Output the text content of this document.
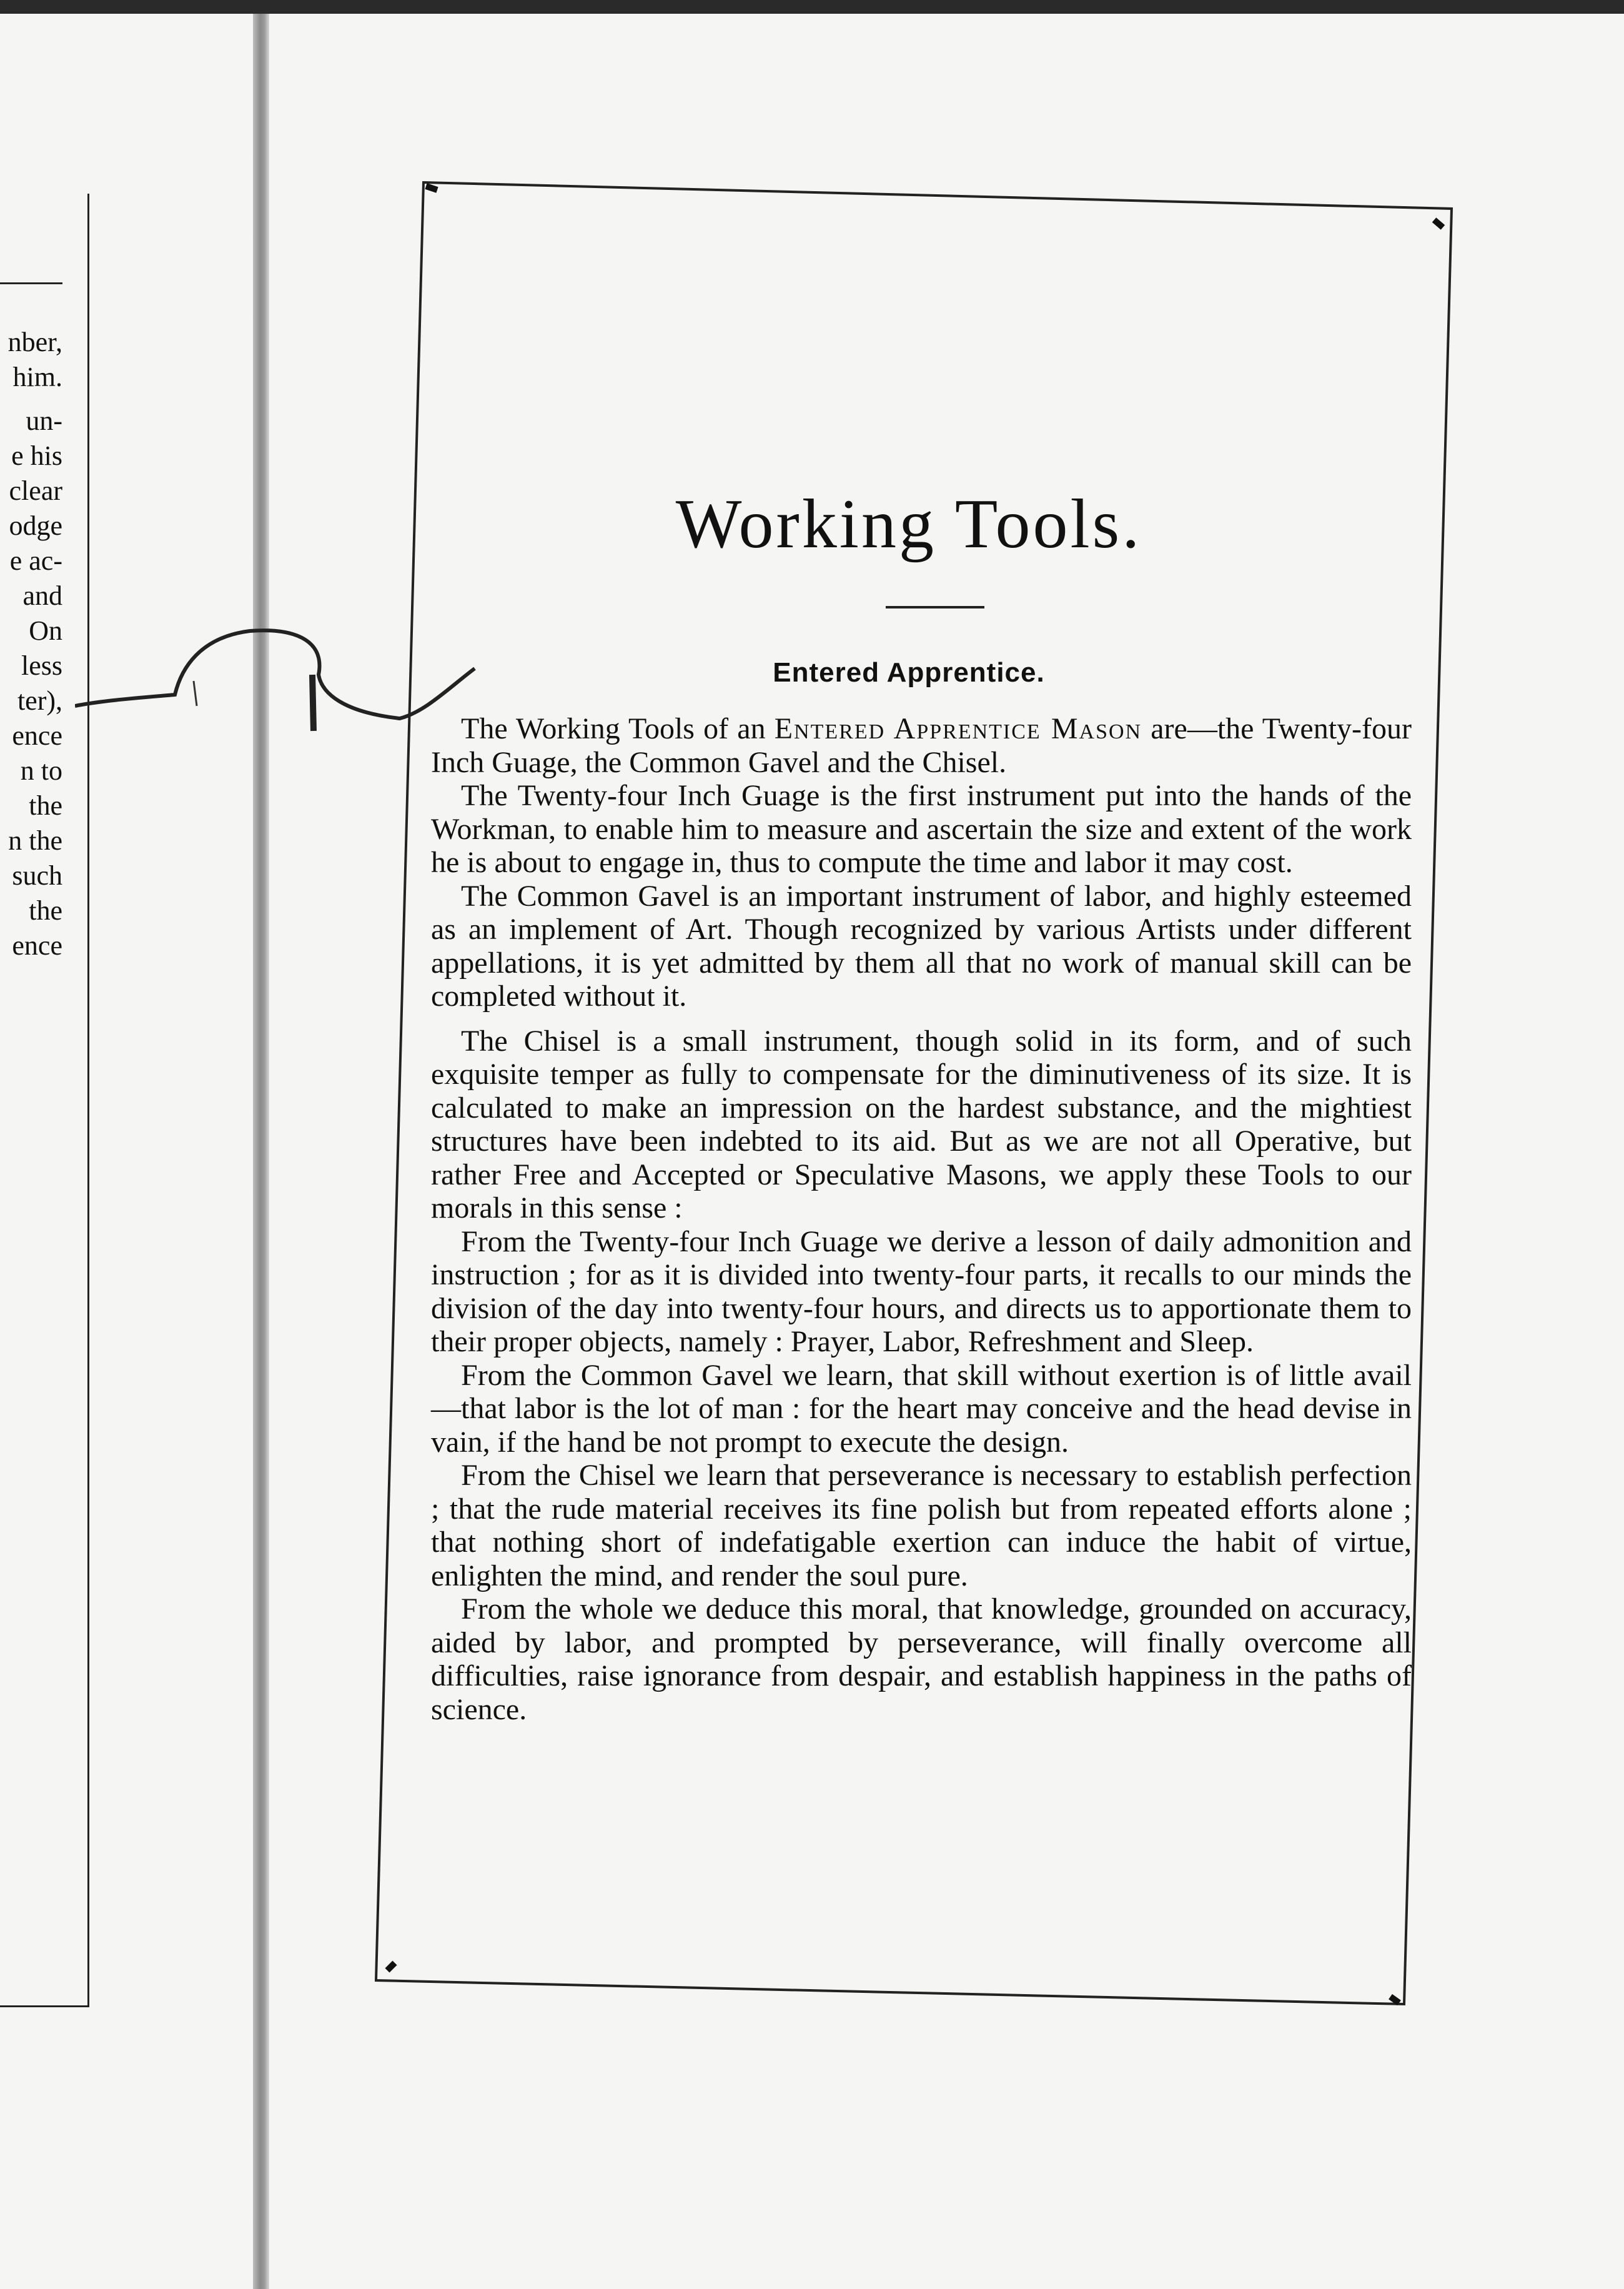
nber,
him.
un-
e his
clear
odge
e ac-
and
On
less
ter),
ence
n to
the
n the
such
the
ence
Working Tools.
Entered Apprentice.

The Working Tools of an Entered Apprentice Mason are—the Twenty-four Inch Guage, the Common Gavel and the Chisel.

The Twenty-four Inch Guage is the first instrument put into the hands of the Workman, to enable him to measure and ascertain the size and extent of the work he is about to engage in, thus to compute the time and labor it may cost.

The Common Gavel is an important instrument of labor, and highly esteemed as an implement of Art. Though recognized by various Artists under different appellations, it is yet admitted by them all that no work of manual skill can be completed without it.

The Chisel is a small instrument, though solid in its form, and of such exquisite temper as fully to compensate for the diminutiveness of its size. It is calculated to make an impression on the hardest substance, and the mightiest structures have been indebted to its aid. But as we are not all Operative, but rather Free and Accepted or Speculative Masons, we apply these Tools to our morals in this sense :

From the Twenty-four Inch Guage we derive a lesson of daily admonition and instruction ; for as it is divided into twenty-four parts, it recalls to our minds the division of the day into twenty-four hours, and directs us to apportionate them to their proper objects, namely : Prayer, Labor, Refreshment and Sleep.

From the Common Gavel we learn, that skill without exertion is of little avail—that labor is the lot of man : for the heart may conceive and the head devise in vain, if the hand be not prompt to execute the design.

From the Chisel we learn that perseverance is necessary to establish perfection ; that the rude material receives its fine polish but from repeated efforts alone ; that nothing short of indefatigable exertion can induce the habit of virtue, enlighten the mind, and render the soul pure.

From the whole we deduce this moral, that knowledge, grounded on accuracy, aided by labor, and prompted by perseverance, will finally overcome all difficulties, raise ignorance from despair, and establish happiness in the paths of science.
